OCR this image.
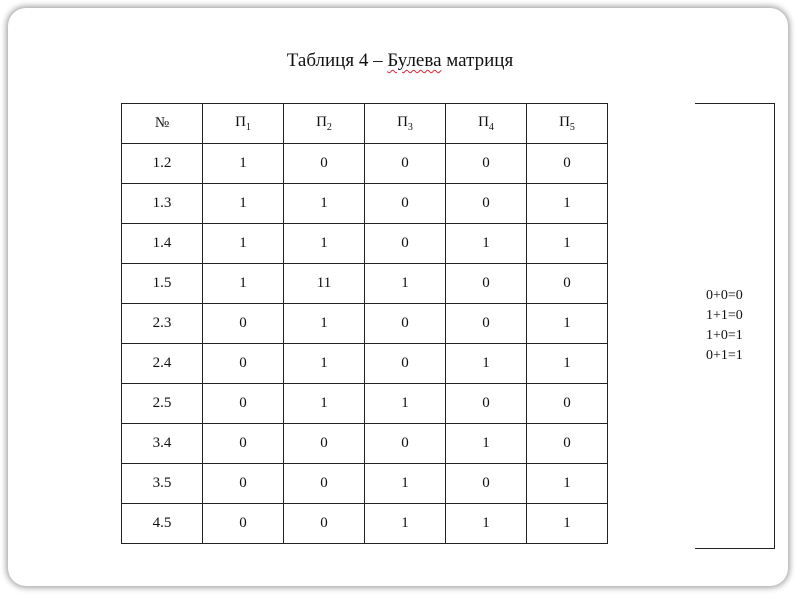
Таблиця 4 – Булева матриця
№	$П_1$	$П_2$	$П_3$	$П_4$	$П_5$
1.2	1	0	0	0	0
1.3	1	1	0	0	1
1.4	1	1	0	1	1
1.5	1	11	1	0	0
2.3	0	1	0	0	1
2.4	0	1	0	1	1
2.5	0	1	1	0	0
3.4	0	0	0	1	0
3.5	0	0	1	0	1
4.5	0	0	1	1	1
0+0=0
1+1=0
1+0=1
0+1=1
